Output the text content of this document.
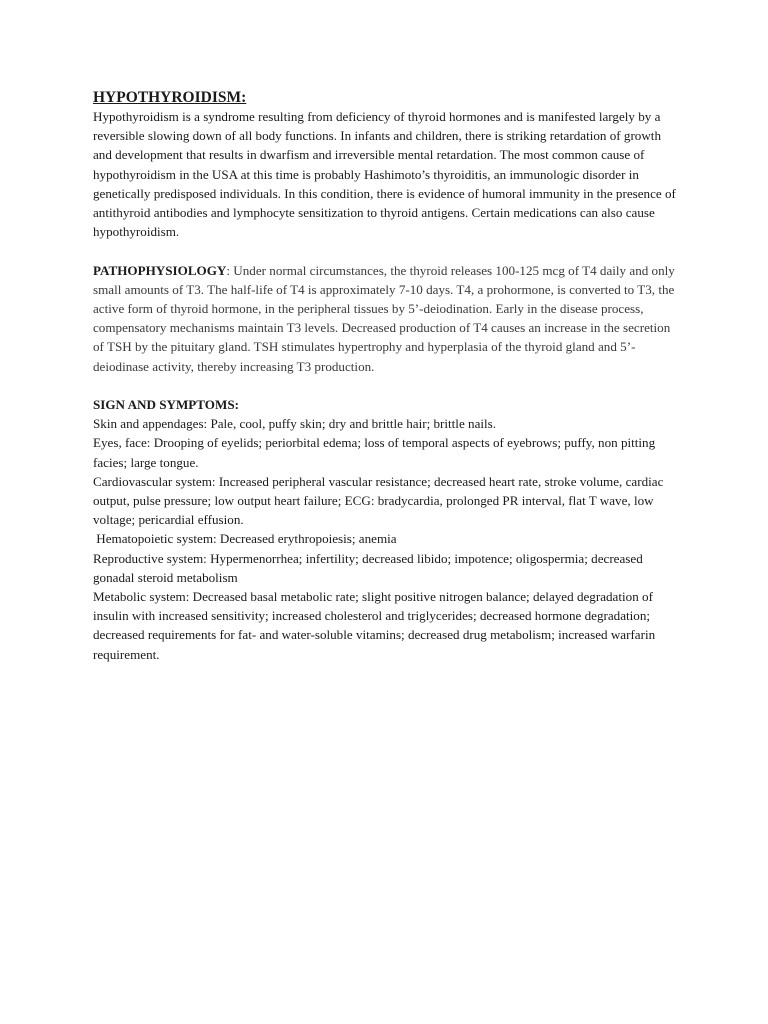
HYPOTHYROIDISM:

Hypothyroidism is a syndrome resulting from deficiency of thyroid hormones and is manifested largely by a reversible slowing down of all body functions. In infants and children, there is striking retardation of growth and development that results in dwarfism and irreversible mental retardation. The most common cause of hypothyroidism in the USA at this time is probably Hashimoto’s thyroiditis, an immunologic disorder in genetically predisposed individuals. In this condition, there is evidence of humoral immunity in the presence of antithyroid antibodies and lymphocyte sensitization to thyroid antigens. Certain medications can also cause hypothyroidism.

PATHOPHYSIOLOGY: Under normal circumstances, the thyroid releases 100-125 mcg of T4 daily and only small amounts of T3. The half-life of T4 is approximately 7-10 days. T4, a prohormone, is converted to T3, the active form of thyroid hormone, in the peripheral tissues by 5’-deiodination. Early in the disease process, compensatory mechanisms maintain T3 levels. Decreased production of T4 causes an increase in the secretion of TSH by the pituitary gland. TSH stimulates hypertrophy and hyperplasia of the thyroid gland and 5’-deiodinase activity, thereby increasing T3 production.

SIGN AND SYMPTOMS:

Skin and appendages: Pale, cool, puffy skin; dry and brittle hair; brittle nails.

Eyes, face: Drooping of eyelids; periorbital edema; loss of temporal aspects of eyebrows; puffy, non pitting facies; large tongue.

Cardiovascular system: Increased peripheral vascular resistance; decreased heart rate, stroke volume, cardiac output, pulse pressure; low output heart failure; ECG: bradycardia, prolonged PR interval, flat T wave, low voltage; pericardial effusion.

Hematopoietic system: Decreased erythropoiesis; anemia

Reproductive system: Hypermenorrhea; infertility; decreased libido; impotence; oligospermia; decreased gonadal steroid metabolism

Metabolic system: Decreased basal metabolic rate; slight positive nitrogen balance; delayed degradation of insulin with increased sensitivity; increased cholesterol and triglycerides; decreased hormone degradation; decreased requirements for fat- and water-soluble vitamins; decreased drug metabolism; increased warfarin requirement.
